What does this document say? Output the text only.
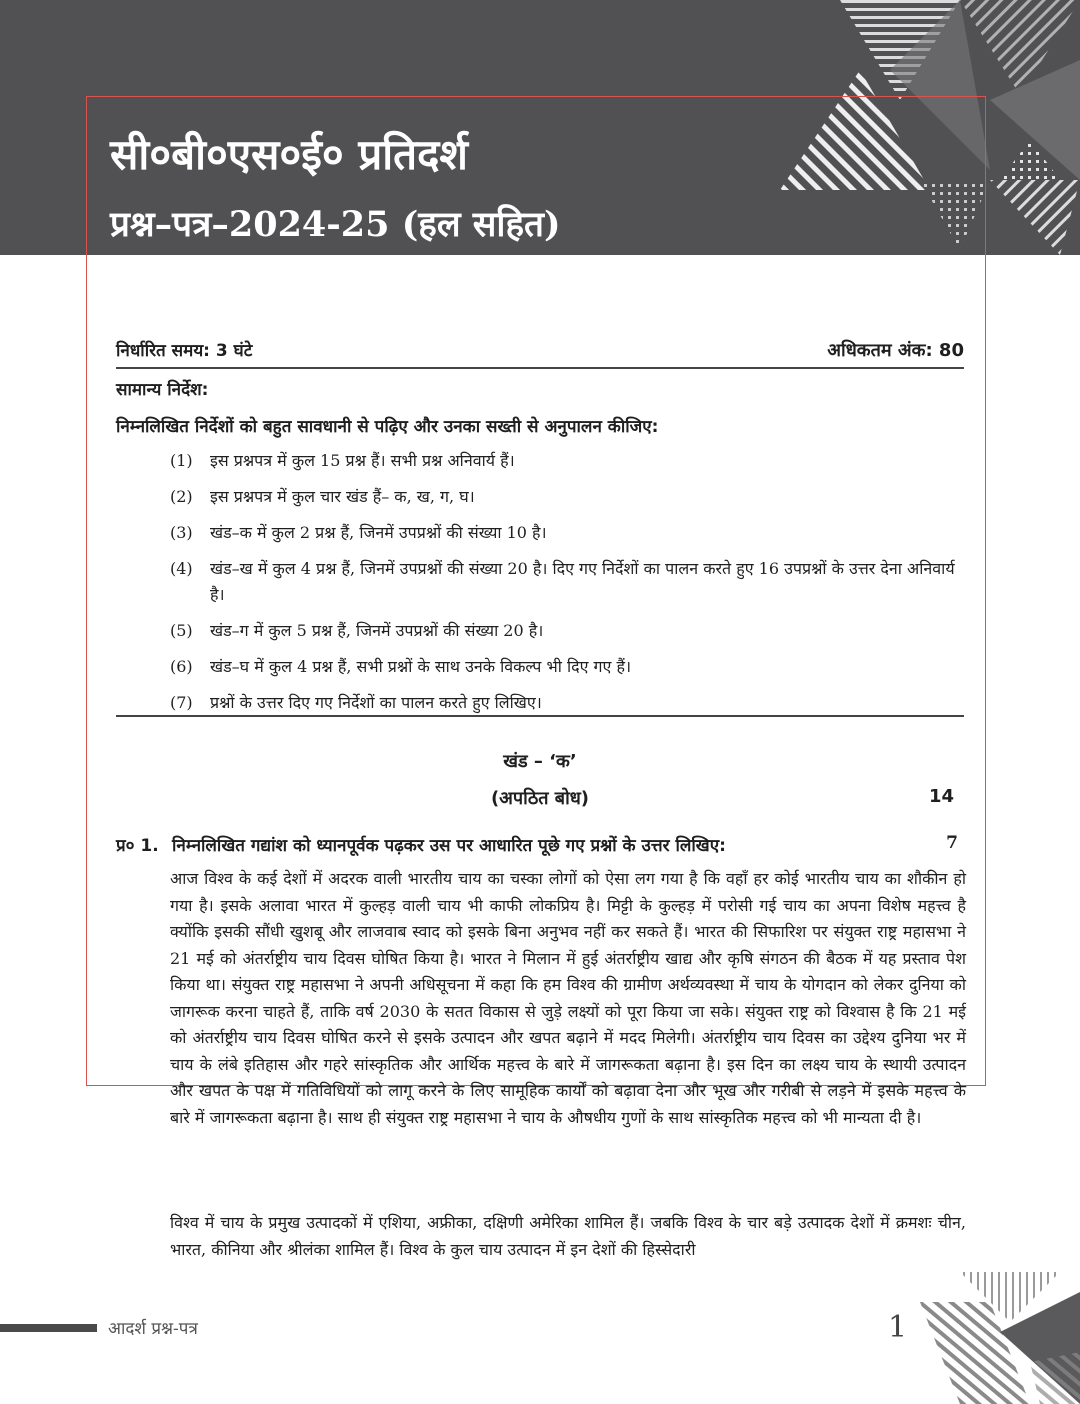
सी०बी०एस०ई० प्रतिदर्श
प्रश्न–पत्र–2024-25 (हल सहित)
निर्धारित समय: 3 घंटे	अधिकतम अंक: 80
सामान्य निर्देश:
निम्नलिखित निर्देशों को बहुत सावधानी से पढ़िए और उनका सख्ती से अनुपालन कीजिए:
(1) इस प्रश्नपत्र में कुल 15 प्रश्न हैं। सभी प्रश्न अनिवार्य हैं।
(2) इस प्रश्नपत्र में कुल चार खंड हैं– क, ख, ग, घ।
(3) खंड–क में कुल 2 प्रश्न हैं, जिनमें उपप्रश्नों की संख्या 10 है।
(4) खंड–ख में कुल 4 प्रश्न हैं, जिनमें उपप्रश्नों की संख्या 20 है। दिए गए निर्देशों का पालन करते हुए 16 उपप्रश्नों के उत्तर देना अनिवार्य है।
(5) खंड–ग में कुल 5 प्रश्न हैं, जिनमें उपप्रश्नों की संख्या 20 है।
(6) खंड–घ में कुल 4 प्रश्न हैं, सभी प्रश्नों के साथ उनके विकल्प भी दिए गए हैं।
(7) प्रश्नों के उत्तर दिए गए निर्देशों का पालन करते हुए लिखिए।
खंड – ‘क’
(अपठित बोध)	14
प्र० 1. निम्नलिखित गद्यांश को ध्यानपूर्वक पढ़कर उस पर आधारित पूछे गए प्रश्नों के उत्तर लिखिए:	7

आज विश्व के कई देशों में अदरक वाली भारतीय चाय का चस्का लोगों को ऐसा लग गया है कि वहाँ हर कोई भारतीय चाय का शौकीन हो गया है। इसके अलावा भारत में कुल्हड़ वाली चाय भी काफी लोकप्रिय है। मिट्टी के कुल्हड़ में परोसी गई चाय का अपना विशेष महत्त्व है क्योंकि इसकी सौंधी खुशबू और लाजवाब स्वाद को इसके बिना अनुभव नहीं कर सकते हैं। भारत की सिफारिश पर संयुक्त राष्ट्र महासभा ने 21 मई को अंतर्राष्ट्रीय चाय दिवस घोषित किया है। भारत ने मिलान में हुई अंतर्राष्ट्रीय खाद्य और कृषि संगठन की बैठक में यह प्रस्ताव पेश किया था। संयुक्त राष्ट्र महासभा ने अपनी अधिसूचना में कहा कि हम विश्व की ग्रामीण अर्थव्यवस्था में चाय के योगदान को लेकर दुनिया को जागरूक करना चाहते हैं, ताकि वर्ष 2030 के सतत विकास से जुड़े लक्ष्यों को पूरा किया जा सके। संयुक्त राष्ट्र को विश्वास है कि 21 मई को अंतर्राष्ट्रीय चाय दिवस घोषित करने से इसके उत्पादन और खपत बढ़ाने में मदद मिलेगी। अंतर्राष्ट्रीय चाय दिवस का उद्देश्य दुनिया भर में चाय के लंबे इतिहास और गहरे सांस्कृतिक और आर्थिक महत्त्व के बारे में जागरूकता बढ़ाना है। इस दिन का लक्ष्य चाय के स्थायी उत्पादन और खपत के पक्ष में गतिविधियों को लागू करने के लिए सामूहिक कार्यों को बढ़ावा देना और भूख और गरीबी से लड़ने में इसके महत्त्व के बारे में जागरूकता बढ़ाना है। साथ ही संयुक्त राष्ट्र महासभा ने चाय के औषधीय गुणों के साथ सांस्कृतिक महत्त्व को भी मान्यता दी है।

विश्व में चाय के प्रमुख उत्पादकों में एशिया, अफ्रीका, दक्षिणी अमेरिका शामिल हैं। जबकि विश्व के चार बड़े उत्पादक देशों में क्रमशः चीन, भारत, कीनिया और श्रीलंका शामिल हैं। विश्व के कुल चाय उत्पादन में इन देशों की हिस्सेदारी

आदर्श प्रश्न-पत्र	1
